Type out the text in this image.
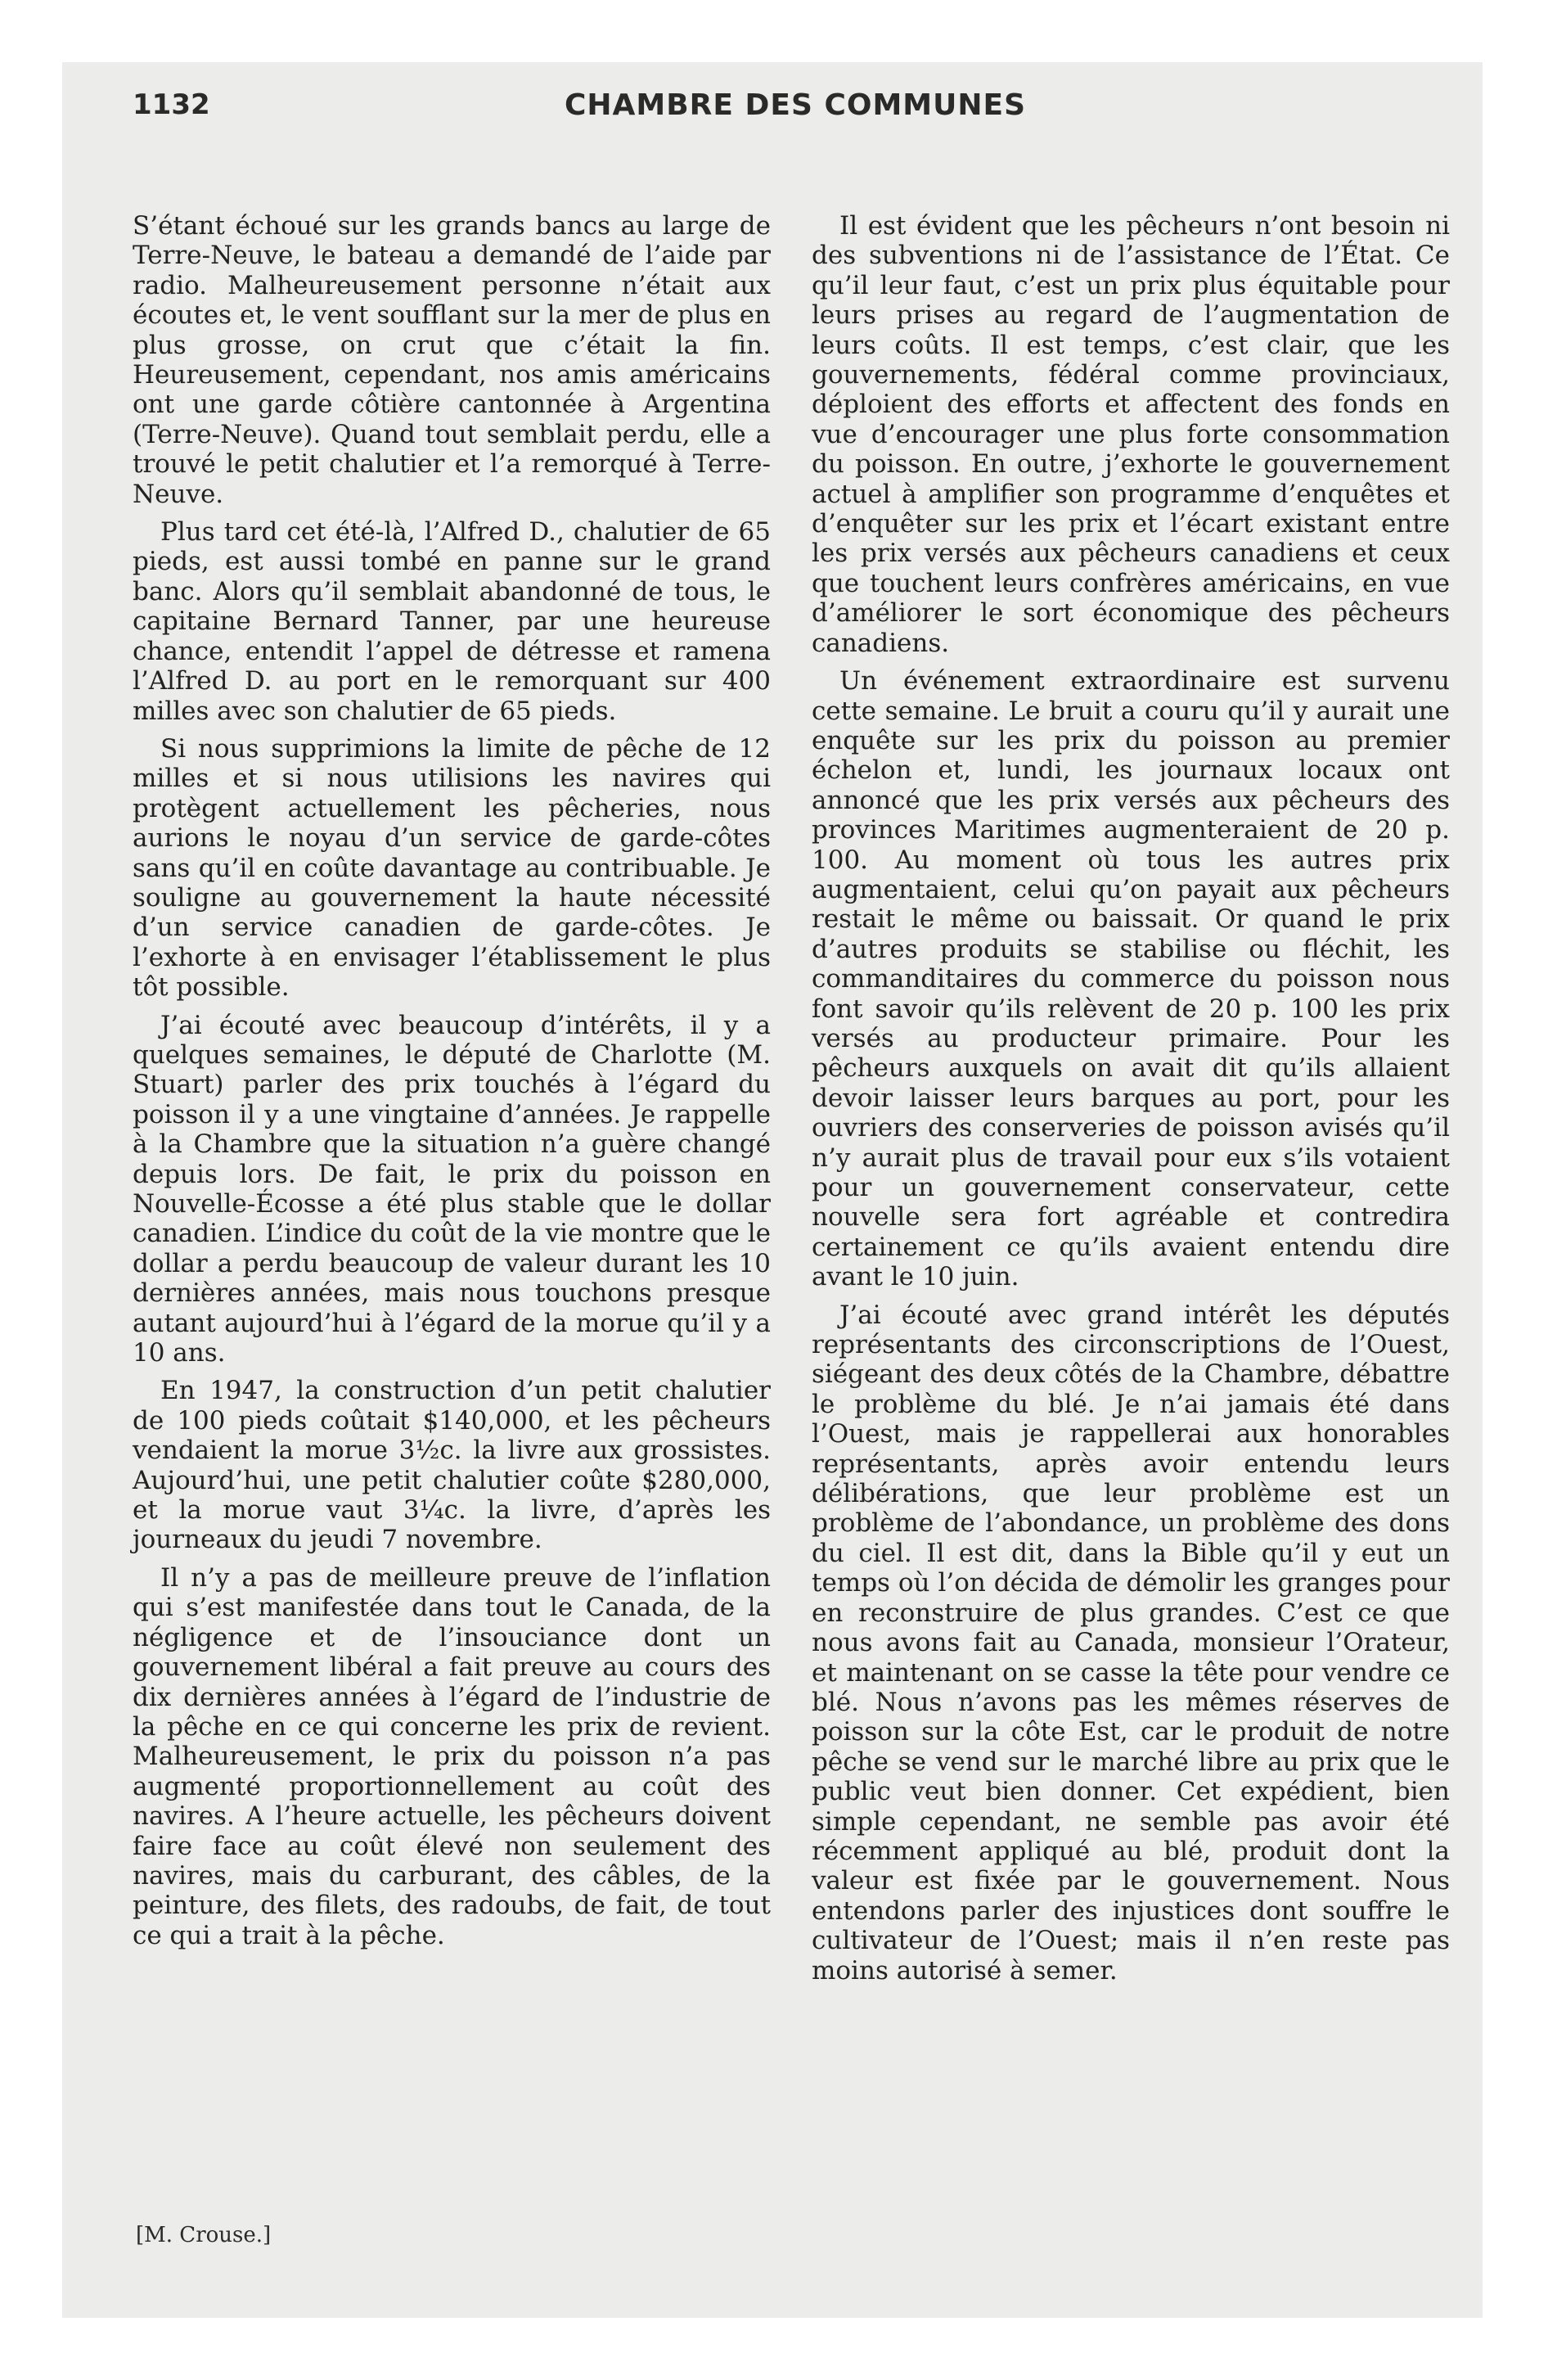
1132	CHAMBRE DES COMMUNES

S’étant échoué sur les grands bancs au large de Terre-Neuve, le bateau a demandé de l’aide par radio. Malheureusement personne n’était aux écoutes et, le vent soufflant sur la mer de plus en plus grosse, on crut que c’était la fin. Heureusement, cependant, nos amis américains ont une garde côtière cantonnée à Argentina (Terre-Neuve). Quand tout semblait perdu, elle a trouvé le petit chalutier et l’a remorqué à Terre-Neuve.

Plus tard cet été-là, l’Alfred D., chalutier de 65 pieds, est aussi tombé en panne sur le grand banc. Alors qu’il semblait abandonné de tous, le capitaine Bernard Tanner, par une heureuse chance, entendit l’appel de détresse et ramena l’Alfred D. au port en le remorquant sur 400 milles avec son chalutier de 65 pieds.

Si nous supprimions la limite de pêche de 12 milles et si nous utilisions les navires qui protègent actuellement les pêcheries, nous aurions le noyau d’un service de garde-côtes sans qu’il en coûte davantage au contribuable. Je souligne au gouvernement la haute nécessité d’un service canadien de garde-côtes. Je l’exhorte à en envisager l’établissement le plus tôt possible.

J’ai écouté avec beaucoup d’intérêts, il y a quelques semaines, le député de Charlotte (M. Stuart) parler des prix touchés à l’égard du poisson il y a une vingtaine d’années. Je rappelle à la Chambre que la situation n’a guère changé depuis lors. De fait, le prix du poisson en Nouvelle-Écosse a été plus stable que le dollar canadien. L’indice du coût de la vie montre que le dollar a perdu beaucoup de valeur durant les 10 dernières années, mais nous touchons presque autant aujourd’hui à l’égard de la morue qu’il y a 10 ans.

En 1947, la construction d’un petit chalutier de 100 pieds coûtait $140,000, et les pêcheurs vendaient la morue 3½c. la livre aux grossistes. Aujourd’hui, une petit chalutier coûte $280,000, et la morue vaut 3¼c. la livre, d’après les journeaux du jeudi 7 novembre.

Il n’y a pas de meilleure preuve de l’inflation qui s’est manifestée dans tout le Canada, de la négligence et de l’insouciance dont un gouvernement libéral a fait preuve au cours des dix dernières années à l’égard de l’industrie de la pêche en ce qui concerne les prix de revient. Malheureusement, le prix du poisson n’a pas augmenté proportionnellement au coût des navires. A l’heure actuelle, les pêcheurs doivent faire face au coût élevé non seulement des navires, mais du carburant, des câbles, de la peinture, des filets, des radoubs, de fait, de tout ce qui a trait à la pêche.

Il est évident que les pêcheurs n’ont besoin ni des subventions ni de l’assistance de l’État. Ce qu’il leur faut, c’est un prix plus équitable pour leurs prises au regard de l’augmentation de leurs coûts. Il est temps, c’est clair, que les gouvernements, fédéral comme provinciaux, déploient des efforts et affectent des fonds en vue d’encourager une plus forte consommation du poisson. En outre, j’exhorte le gouvernement actuel à amplifier son programme d’enquêtes et d’enquêter sur les prix et l’écart existant entre les prix versés aux pêcheurs canadiens et ceux que touchent leurs confrères américains, en vue d’améliorer le sort économique des pêcheurs canadiens.

Un événement extraordinaire est survenu cette semaine. Le bruit a couru qu’il y aurait une enquête sur les prix du poisson au premier échelon et, lundi, les journaux locaux ont annoncé que les prix versés aux pêcheurs des provinces Maritimes augmenteraient de 20 p. 100. Au moment où tous les autres prix augmentaient, celui qu’on payait aux pêcheurs restait le même ou baissait. Or quand le prix d’autres produits se stabilise ou fléchit, les commanditaires du commerce du poisson nous font savoir qu’ils relèvent de 20 p. 100 les prix versés au producteur primaire. Pour les pêcheurs auxquels on avait dit qu’ils allaient devoir laisser leurs barques au port, pour les ouvriers des conserveries de poisson avisés qu’il n’y aurait plus de travail pour eux s’ils votaient pour un gouvernement conservateur, cette nouvelle sera fort agréable et contredira certainement ce qu’ils avaient entendu dire avant le 10 juin.

J’ai écouté avec grand intérêt les députés représentants des circonscriptions de l’Ouest, siégeant des deux côtés de la Chambre, débattre le problème du blé. Je n’ai jamais été dans l’Ouest, mais je rappellerai aux honorables représentants, après avoir entendu leurs délibérations, que leur problème est un problème de l’abondance, un problème des dons du ciel. Il est dit, dans la Bible qu’il y eut un temps où l’on décida de démolir les granges pour en reconstruire de plus grandes. C’est ce que nous avons fait au Canada, monsieur l’Orateur, et maintenant on se casse la tête pour vendre ce blé. Nous n’avons pas les mêmes réserves de poisson sur la côte Est, car le produit de notre pêche se vend sur le marché libre au prix que le public veut bien donner. Cet expédient, bien simple cependant, ne semble pas avoir été récemment appliqué au blé, produit dont la valeur est fixée par le gouvernement. Nous entendons parler des injustices dont souffre le cultivateur de l’Ouest; mais il n’en reste pas moins autorisé à semer.

[M. Crouse.]
